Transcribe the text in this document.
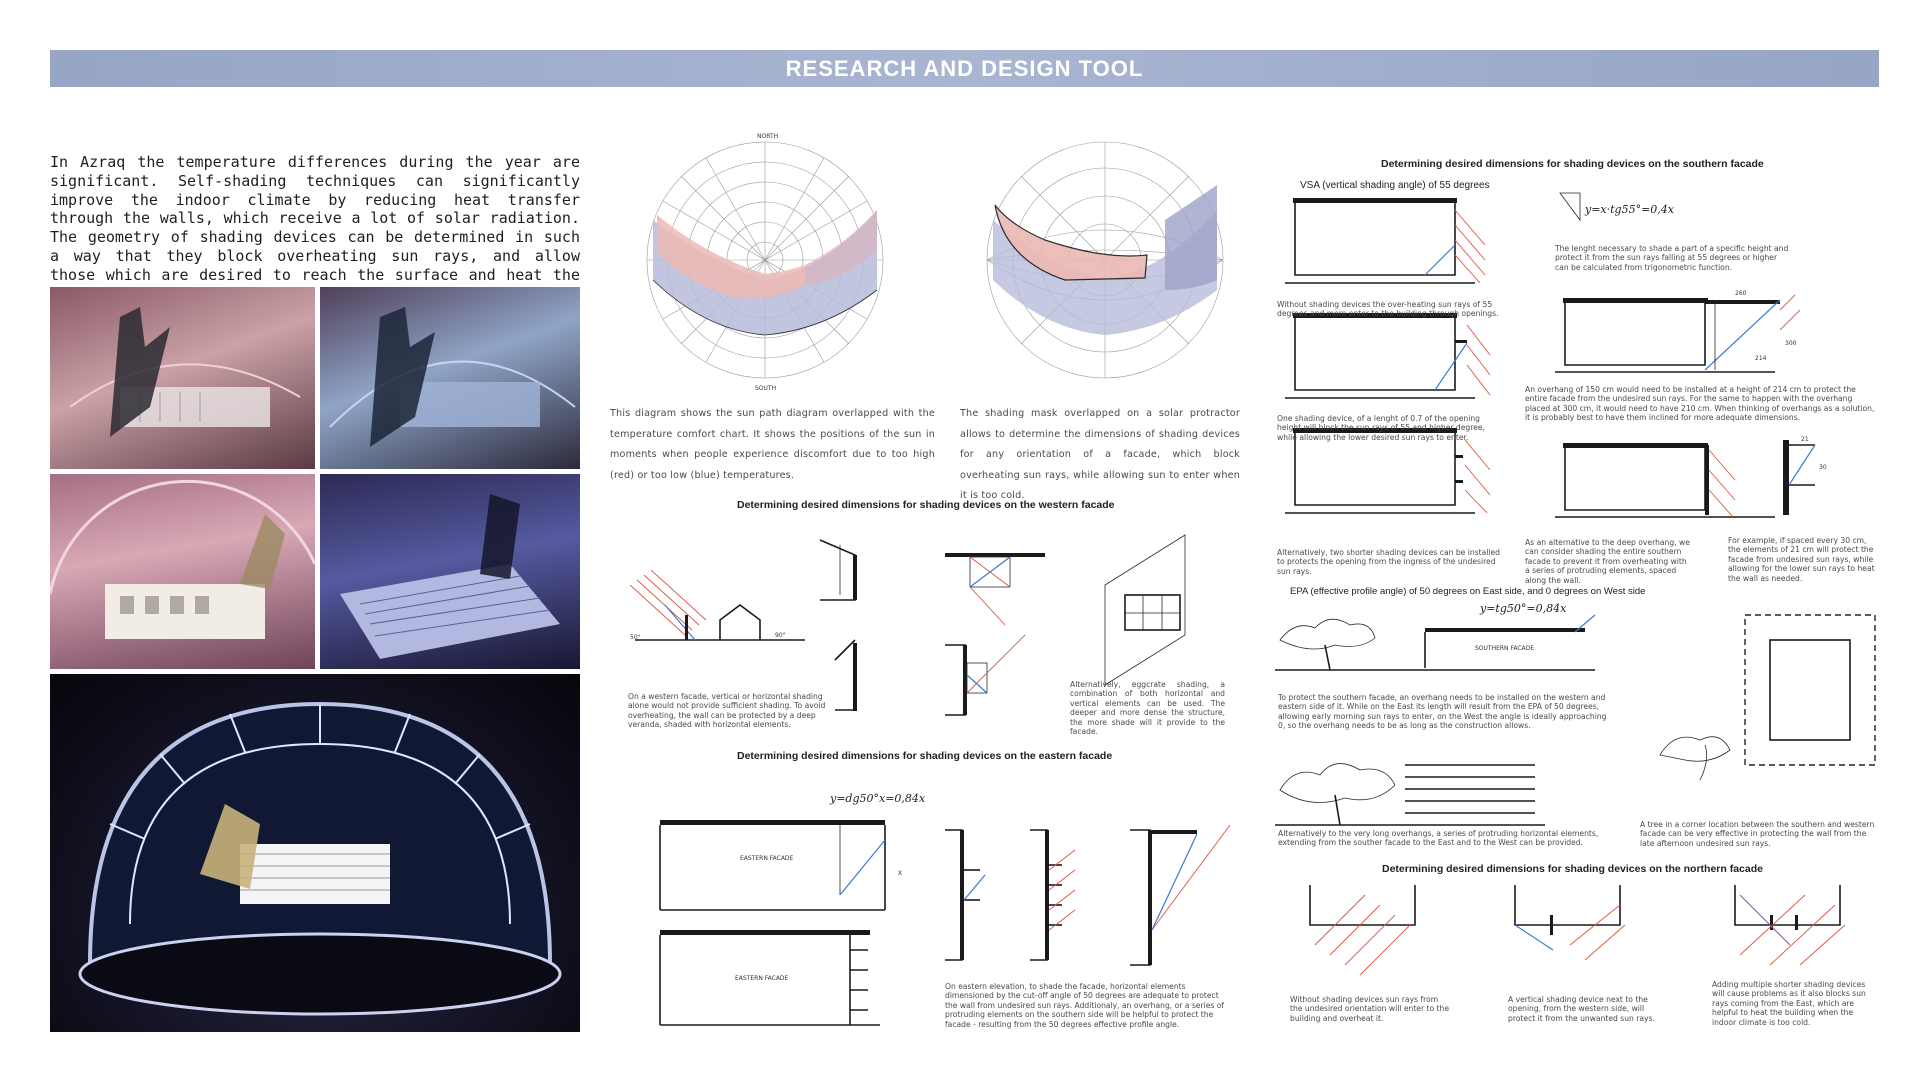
RESEARCH AND DESIGN TOOL

In Azraq the temperature differences during the year are significant. Self-shading techniques can significantly improve the indoor climate by reducing heat transfer through the walls, which receive a lot of solar radiation. The geometry of shading devices can be determined in such a way that they block overheating sun rays, and allow those which are desired to reach the surface and heat the

NORTH
SOUTH

This diagram shows the sun path diagram overlapped with the temperature comfort chart. It shows the positions of the sun in moments when people experience discomfort due to too high (red) or too low (blue) temperatures.

The shading mask overlapped on a solar protractor allows to determine the dimensions of shading devices for any orientation of a facade, which block overheating sun rays, while allowing sun to enter when it is too cold.

Determining desired dimensions for shading devices on the western facade
50°	90°

On a western facade, vertical or horizontal shading alone would not provide sufficient shading. To avoid overheating, the wall can be protected by a deep veranda, shaded with horizontal elements.

Alternatively, eggcrate shading, a combination of both horizontal and vertical elements can be used. The deeper and more dense the structure, the more shade will it provide to the facade.

Determining desired dimensions for shading devices on the eastern facade
y=dg50°x=0,84x
EASTERN FACADE
X
EASTERN FACADE

On eastern elevation, to shade the facade, horizontal elements dimensioned by the cut-off angle of 50 degrees are adequate to protect the wall from undesired sun rays. Additionaly, an overhang, or a series of protruding elements on the southern side will be helpful to protect the facade - resulting from the 50 degrees effective profile angle.

Determining desired dimensions for shading devices on the southern facade
VSA (vertical shading angle) of 55 degrees

Without shading devices the over-heating sun rays of 55 degrees and more enter to the building through openings.

One shading device, of a lenght of 0.7 of the opening height will block the sun rays of 55 and higher degree, while allowing the lower desired sun rays to enter.

Alternatively, two shorter shading devices can be installed to protects the opening from the ingress of the undesired sun rays.

y=x·tg55°=0,4x
260
300
214
21
30

The lenght necessary to shade a part of a specific height and protect it from the sun rays falling at 55 degrees or higher can be calculated from trigonometric function.

An overhang of 150 cm would need to be installed at a height of 214 cm to protect the entire facade from the undesired sun rays. For the same to happen with the overhang placed at 300 cm, it would need to have 210 cm. When thinking of overhangs as a solution, it is probably best to have them inclined for more adequate dimensions.

As an alternative to the deep overhang, we can consider shading the entire southern facade to prevent it from overheating with a series of protruding elements, spaced along the wall.

For example, if spaced every 30 cm, the elements of 21 cm will protect the facade from undesired sun rays, while allowing for the lower sun rays to heat the wall as needed.

EPA (effective profile angle) of 50 degrees on East side, and 0 degrees on West side
y=tg50°=0,84x
SOUTHERN FACADE

To protect the southern facade, an overhang needs to be installed on the western and eastern side of it. While on the East its length will result from the EPA of 50 degrees, allowing early morning sun rays to enter, on the West the angle is ideally approaching 0, so the overhang needs to be as long as the construction allows.

Alternatively to the very long overhangs, a series of protruding horizontal elements, extending from the souther facade to the East and to the West can be provided.

A tree in a corner location between the southern and western facade can be very effective in protecting the wall from the late afternoon undesired sun rays.

Determining desired dimensions for shading devices on the northern facade

Without shading devices sun rays from the undesired orientation will enter to the building and overheat it.

A vertical shading device next to the opening, from the western side, will protect it from the unwanted sun rays.

Adding multiple shorter shading devices will cause problems as it also blocks sun rays coming from the East, which are helpful to heat the building when the indoor climate is too cold.
